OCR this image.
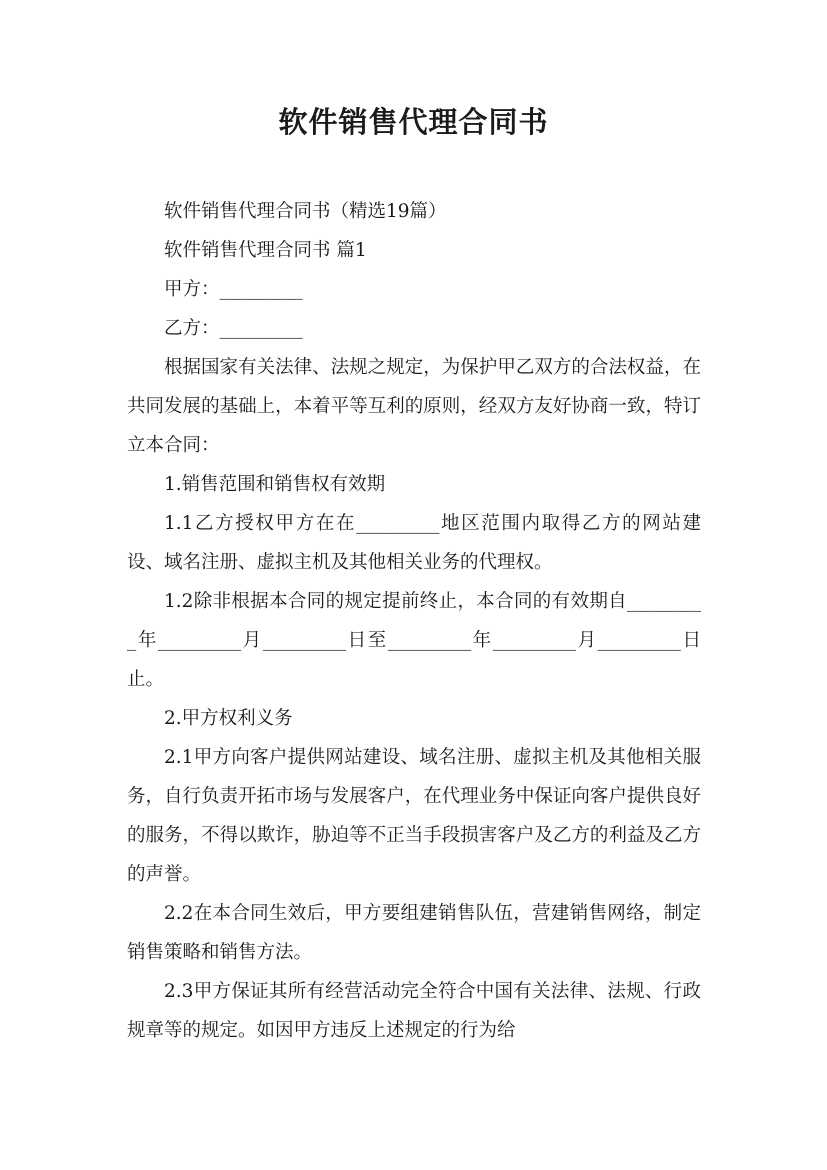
软件销售代理合同书

软件销售代理合同书（精选19篇）

软件销售代理合同书 篇1

甲方：_________

乙方：_________

根据国家有关法律、法规之规定，为保护甲乙双方的合法权益，在共同发展的基础上，本着平等互利的原则，经双方友好协商一致，特订立本合同：

1.销售范围和销售权有效期

1.1乙方授权甲方在在_________地区范围内取得乙方的网站建设、域名注册、虚拟主机及其他相关业务的代理权。

1.2除非根据本合同的规定提前终止，本合同的有效期自_________年_________月_________日至_________年_________月_________日止。

2.甲方权利义务

2.1甲方向客户提供网站建设、域名注册、虚拟主机及其他相关服务，自行负责开拓市场与发展客户，在代理业务中保证向客户提供良好的服务，不得以欺诈，胁迫等不正当手段损害客户及乙方的利益及乙方的声誉。

2.2在本合同生效后，甲方要组建销售队伍，营建销售网络，制定销售策略和销售方法。

2.3甲方保证其所有经营活动完全符合中国有关法律、法规、行政规章等的规定。如因甲方违反上述规定的行为给
